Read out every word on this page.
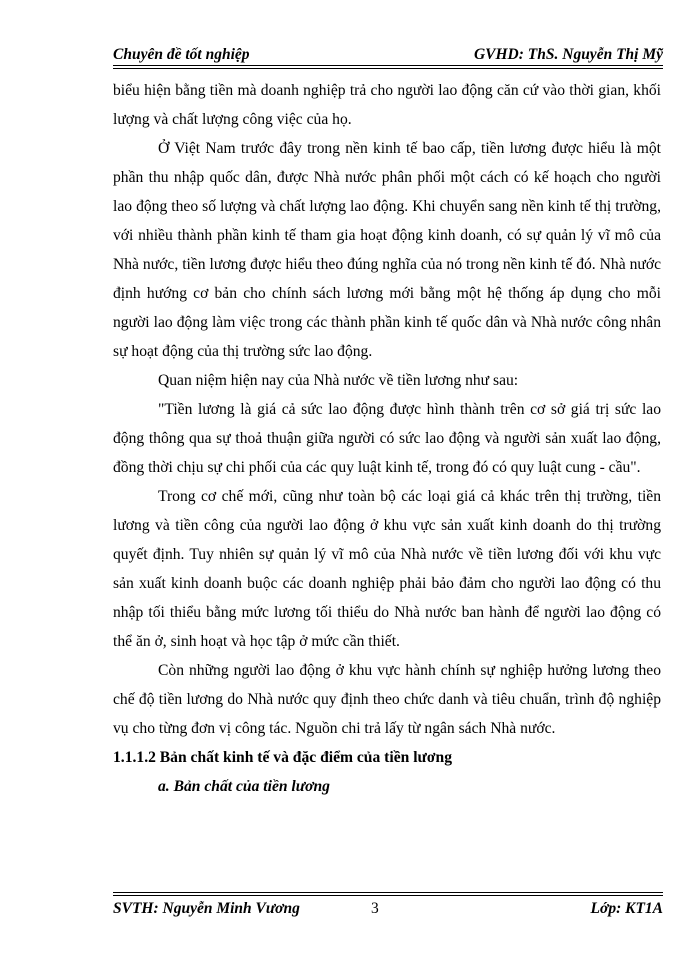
Chuyên đề tốt nghiệp	GVHD: ThS. Nguyễn Thị Mỹ

biểu hiện bằng tiền mà doanh nghiệp trả cho người lao động căn cứ vào thời gian, khối lượng và chất lượng công việc của họ.

Ở Việt Nam trước đây trong nền kinh tế bao cấp, tiền lương được hiểu là một phần thu nhập quốc dân, được Nhà nước phân phối một cách có kế hoạch cho người lao động theo số lượng và chất lượng lao động. Khi chuyển sang nền kinh tế thị trường, với nhiều thành phần kinh tế tham gia hoạt động kinh doanh, có sự quản lý vĩ mô của Nhà nước, tiền lương được hiểu theo đúng nghĩa của nó trong nền kinh tế đó. Nhà nước định hướng cơ bản cho chính sách lương mới bằng một hệ thống áp dụng cho mỗi người lao động làm việc trong các thành phần kinh tế quốc dân và Nhà nước công nhân sự hoạt động của thị trường sức lao động.

Quan niệm hiện nay của Nhà nước về tiền lương như sau:

"Tiền lương là giá cả sức lao động được hình thành trên cơ sở giá trị sức lao động thông qua sự thoả thuận giữa người có sức lao động và người sản xuất lao động, đồng thời chịu sự chi phối của các quy luật kinh tế, trong đó có quy luật cung - cầu".

Trong cơ chế mới, cũng như toàn bộ các loại giá cả khác trên thị trường, tiền lương và tiền công của người lao động ở khu vực sản xuất kinh doanh do thị trường quyết định. Tuy nhiên sự quản lý vĩ mô của Nhà nước về tiền lương đối với khu vực sản xuất kinh doanh buộc các doanh nghiệp phải bảo đảm cho người lao động có thu nhập tối thiểu bằng mức lương tối thiểu do Nhà nước ban hành để người lao động có thể ăn ở, sinh hoạt và học tập ở mức cần thiết.

Còn những người lao động ở khu vực hành chính sự nghiệp hưởng lương theo chế độ tiền lương do Nhà nước quy định theo chức danh và tiêu chuẩn, trình độ nghiệp vụ cho từng đơn vị công tác. Nguồn chi trả lấy từ ngân sách Nhà nước.

1.1.1.2 Bản chất kinh tế và đặc điểm của tiền lương

a. Bản chất của tiền lương

SVTH: Nguyễn Minh Vương	3	Lớp: KT1A
